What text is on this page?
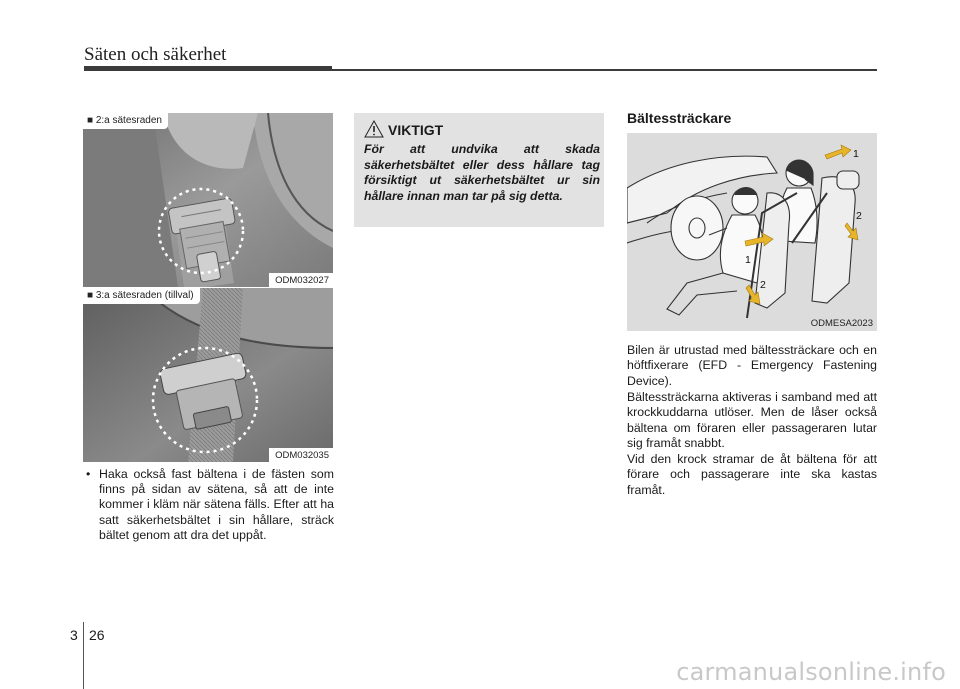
Säten och säkerhet
■ 2:a sätesraden
ODM032027
■ 3:a sätesraden (tillval)
ODM032035
• Haka också fast bältena i de fästen som finns på sidan av sätena, så att de inte kommer i kläm när sätena fälls. Efter att ha satt säkerhetsbältet i sin hållare, sträck bältet genom att dra det uppåt.
VIKTIGT
För att undvika att skada säkerhetsbältet eller dess hållare tag försiktigt ut säkerhetsbältet ur sin hållare innan man tar på sig detta.
Bältessträckare
1
2
1
2
ODMESA2023

Bilen är utrustad med bältessträckare och en höftfixerare (EFD - Emergency Fastening Device).

Bältessträckarna aktiveras i samband med att krockkuddarna utlöser. Men de låser också bältena om föraren eller passageraren lutar sig framåt snabbt.

Vid den krock stramar de åt bältena för att förare och passagerare inte ska kastas framåt.

3 26
carmanualsonline.info
